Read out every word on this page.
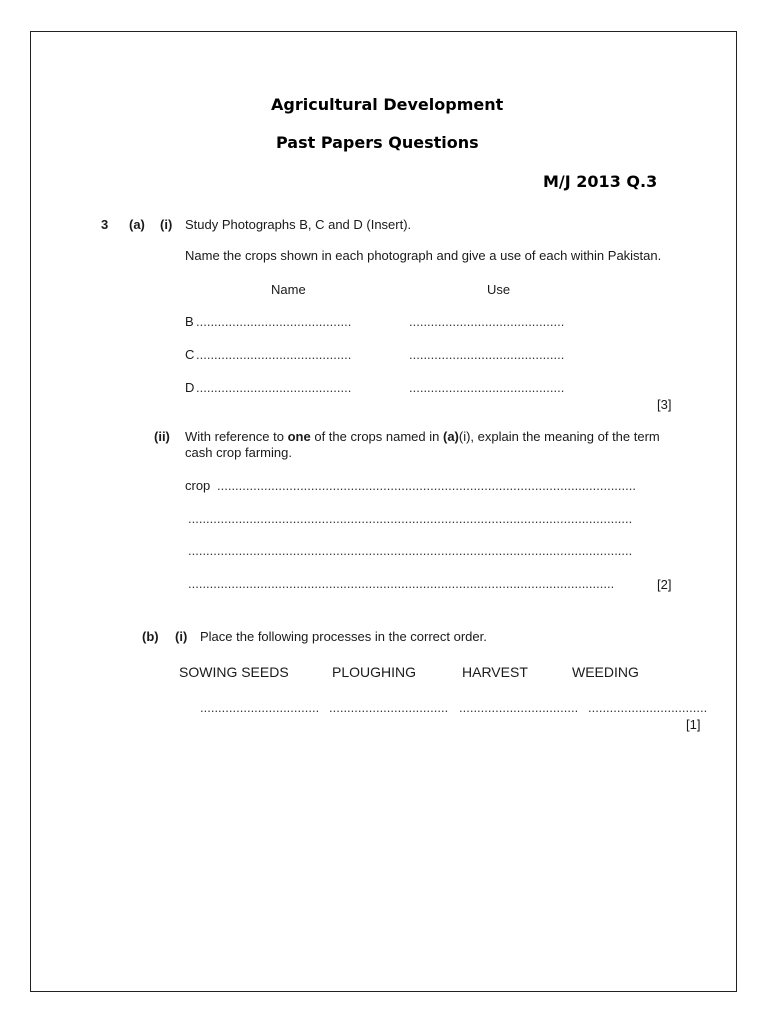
Agricultural Development
Past Papers Questions
M/J 2013 Q.3
3 (a) (i) Study Photographs B, C and D (Insert).
Name the crops shown in each photograph and give a use of each within Pakistan.
Name	Use
B ...........................................	...........................................
C ...........................................	...........................................
D ...........................................	...........................................
[3]
(ii) With reference to one of the crops named in (a)(i), explain the meaning of the term
cash crop farming.
crop ....................................................................................................................
...........................................................................................................................
...........................................................................................................................
......................................................................................................................	[2]
(b) (i) Place the following processes in the correct order.
SOWING SEEDS	PLOUGHING	HARVEST	WEEDING
................................. ................................. ................................. .................................
[1]
